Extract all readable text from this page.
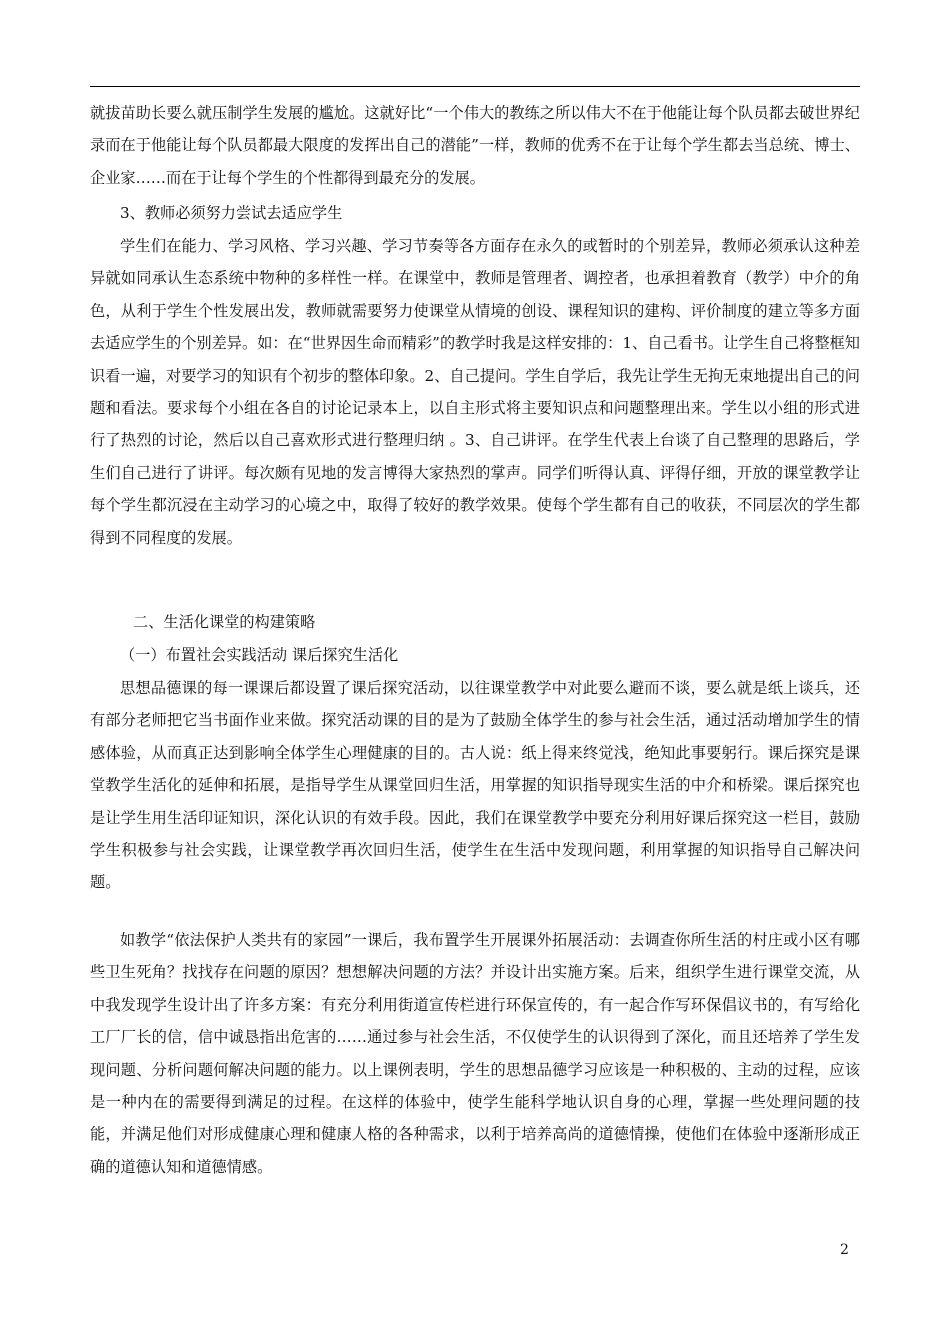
就拔苗助长要么就压制学生发展的尴尬。这就好比“一个伟大的教练之所以伟大不在于他能让每个队员都去破世界纪录而在于他能让每个队员都最大限度的发挥出自己的潜能”一样，教师的优秀不在于让每个学生都去当总统、博士、企业家……而在于让每个学生的个性都得到最充分的发展。

3、教师必须努力尝试去适应学生

学生们在能力、学习风格、学习兴趣、学习节奏等各方面存在永久的或暂时的个别差异，教师必须承认这种差异就如同承认生态系统中物种的多样性一样。在课堂中，教师是管理者、调控者，也承担着教育（教学）中介的角色，从利于学生个性发展出发，教师就需要努力使课堂从情境的创设、课程知识的建构、评价制度的建立等多方面去适应学生的个别差异。如：在“世界因生命而精彩”的教学时我是这样安排的：1、自己看书。让学生自己将整框知识看一遍，对要学习的知识有个初步的整体印象。2、自己提问。学生自学后，我先让学生无拘无束地提出自己的问题和看法。要求每个小组在各自的讨论记录本上，以自主形式将主要知识点和问题整理出来。学生以小组的形式进行了热烈的讨论，然后以自己喜欢形式进行整理归纳 。3、自己讲评。在学生代表上台谈了自己整理的思路后，学生们自己进行了讲评。每次颇有见地的发言博得大家热烈的掌声。同学们听得认真、评得仔细，开放的课堂教学让每个学生都沉浸在主动学习的心境之中，取得了较好的教学效果。使每个学生都有自己的收获，不同层次的学生都得到不同程度的发展。

二、生活化课堂的构建策略

（一）布置社会实践活动 课后探究生活化

思想品德课的每一课课后都设置了课后探究活动，以往课堂教学中对此要么避而不谈，要么就是纸上谈兵，还有部分老师把它当书面作业来做。探究活动课的目的是为了鼓励全体学生的参与社会生活，通过活动增加学生的情感体验，从而真正达到影响全体学生心理健康的目的。古人说：纸上得来终觉浅，绝知此事要躬行。课后探究是课堂教学生活化的延伸和拓展，是指导学生从课堂回归生活，用掌握的知识指导现实生活的中介和桥梁。课后探究也是让学生用生活印证知识，深化认识的有效手段。因此，我们在课堂教学中要充分利用好课后探究这一栏目，鼓励学生积极参与社会实践，让课堂教学再次回归生活，使学生在生活中发现问题，利用掌握的知识指导自己解决问题。

如教学“依法保护人类共有的家园”一课后，我布置学生开展课外拓展活动：去调查你所生活的村庄或小区有哪些卫生死角？找找存在问题的原因？想想解决问题的方法？并设计出实施方案。后来，组织学生进行课堂交流，从中我发现学生设计出了许多方案：有充分利用街道宣传栏进行环保宣传的，有一起合作写环保倡议书的，有写给化工厂厂长的信，信中诚恳指出危害的……通过参与社会生活，不仅使学生的认识得到了深化，而且还培养了学生发现问题、分析问题何解决问题的能力。以上课例表明，学生的思想品德学习应该是一种积极的、主动的过程，应该是一种内在的需要得到满足的过程。在这样的体验中，使学生能科学地认识自身的心理，掌握一些处理问题的技能，并满足他们对形成健康心理和健康人格的各种需求，以利于培养高尚的道德情操，使他们在体验中逐渐形成正确的道德认知和道德情感。

2
